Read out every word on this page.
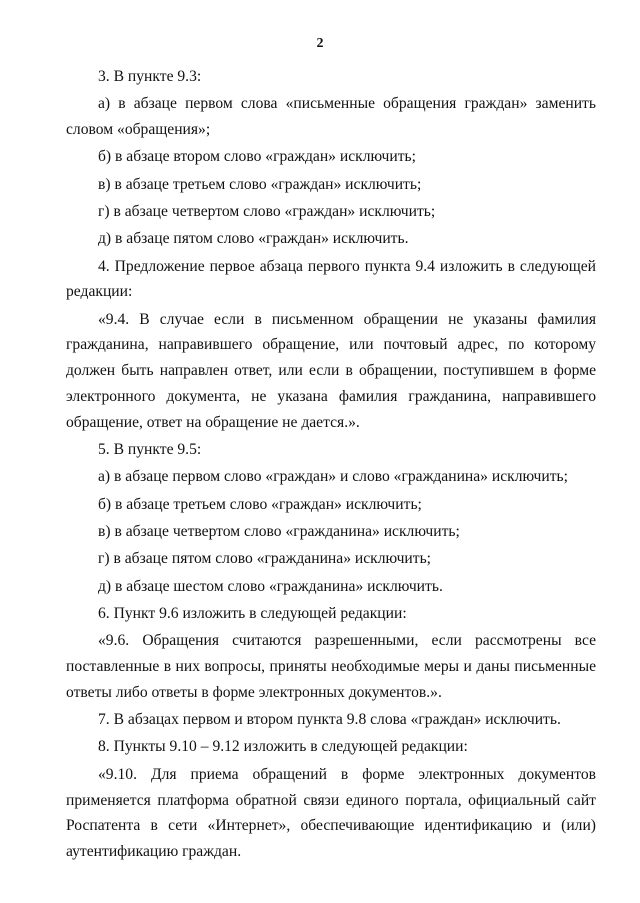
2

3. В пункте 9.3:

а) в абзаце первом слова «письменные обращения граждан» заменить словом «обращения»;

б) в абзаце втором слово «граждан» исключить;

в) в абзаце третьем слово «граждан» исключить;

г) в абзаце четвертом слово «граждан» исключить;

д) в абзаце пятом слово «граждан» исключить.

4. Предложение первое абзаца первого пункта 9.4 изложить в следующей редакции:

«9.4. В случае если в письменном обращении не указаны фамилия гражданина, направившего обращение, или почтовый адрес, по которому должен быть направлен ответ, или если в обращении, поступившем в форме электронного документа, не указана фамилия гражданина, направившего обращение, ответ на обращение не дается.».

5. В пункте 9.5:

а) в абзаце первом слово «граждан» и слово «гражданина» исключить;

б) в абзаце третьем слово «граждан» исключить;

в) в абзаце четвертом слово «гражданина» исключить;

г) в абзаце пятом слово «гражданина» исключить;

д) в абзаце шестом слово «гражданина» исключить.

6. Пункт 9.6 изложить в следующей редакции:

«9.6. Обращения считаются разрешенными, если рассмотрены все поставленные в них вопросы, приняты необходимые меры и даны письменные ответы либо ответы в форме электронных документов.».

7. В абзацах первом и втором пункта 9.8 слова «граждан» исключить.

8. Пункты 9.10 – 9.12 изложить в следующей редакции:

«9.10. Для приема обращений в форме электронных документов применяется платформа обратной связи единого портала, официальный сайт Роспатента в сети «Интернет», обеспечивающие идентификацию и (или) аутентификацию граждан.
